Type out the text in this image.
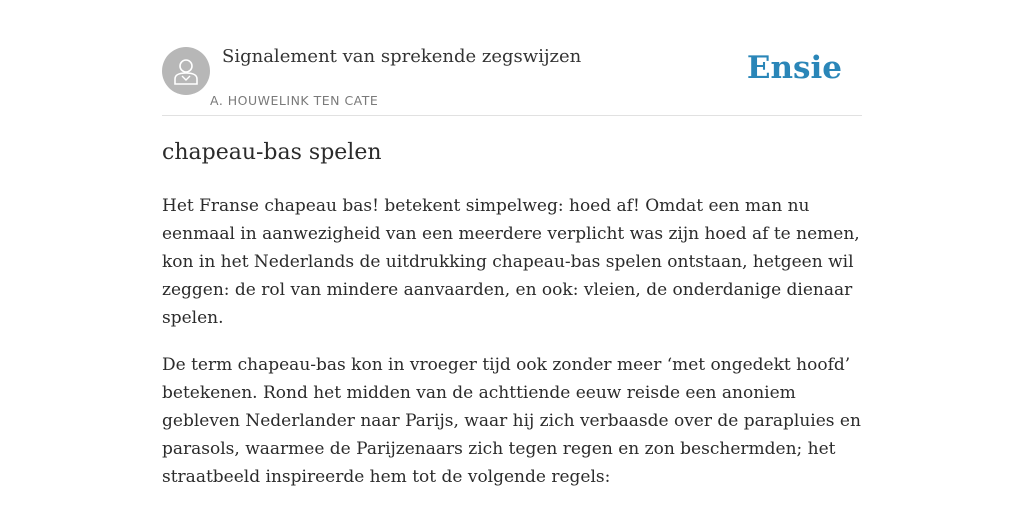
Signalement van sprekende zegswijzen
A. HOUWELINK TEN CATE
Ensie
chapeau-bas spelen

Het Franse chapeau bas! betekent simpelweg: hoed af! Omdat een man nu eenmaal in aanwezigheid van een meerdere verplicht was zijn hoed af te nemen, kon in het Nederlands de uitdrukking chapeau-bas spelen ontstaan, hetgeen wil zeggen: de rol van mindere aanvaarden, en ook: vleien, de onderdanige dienaar spelen.

De term chapeau-bas kon in vroeger tijd ook zonder meer ‘met ongedekt hoofd’ betekenen. Rond het midden van de achttiende eeuw reisde een anoniem gebleven Nederlander naar Parijs, waar hij zich verbaasde over de parapluies en parasols, waarmee de Parijzenaars zich tegen regen en zon beschermden; het straatbeeld inspireerde hem tot de volgende regels:
